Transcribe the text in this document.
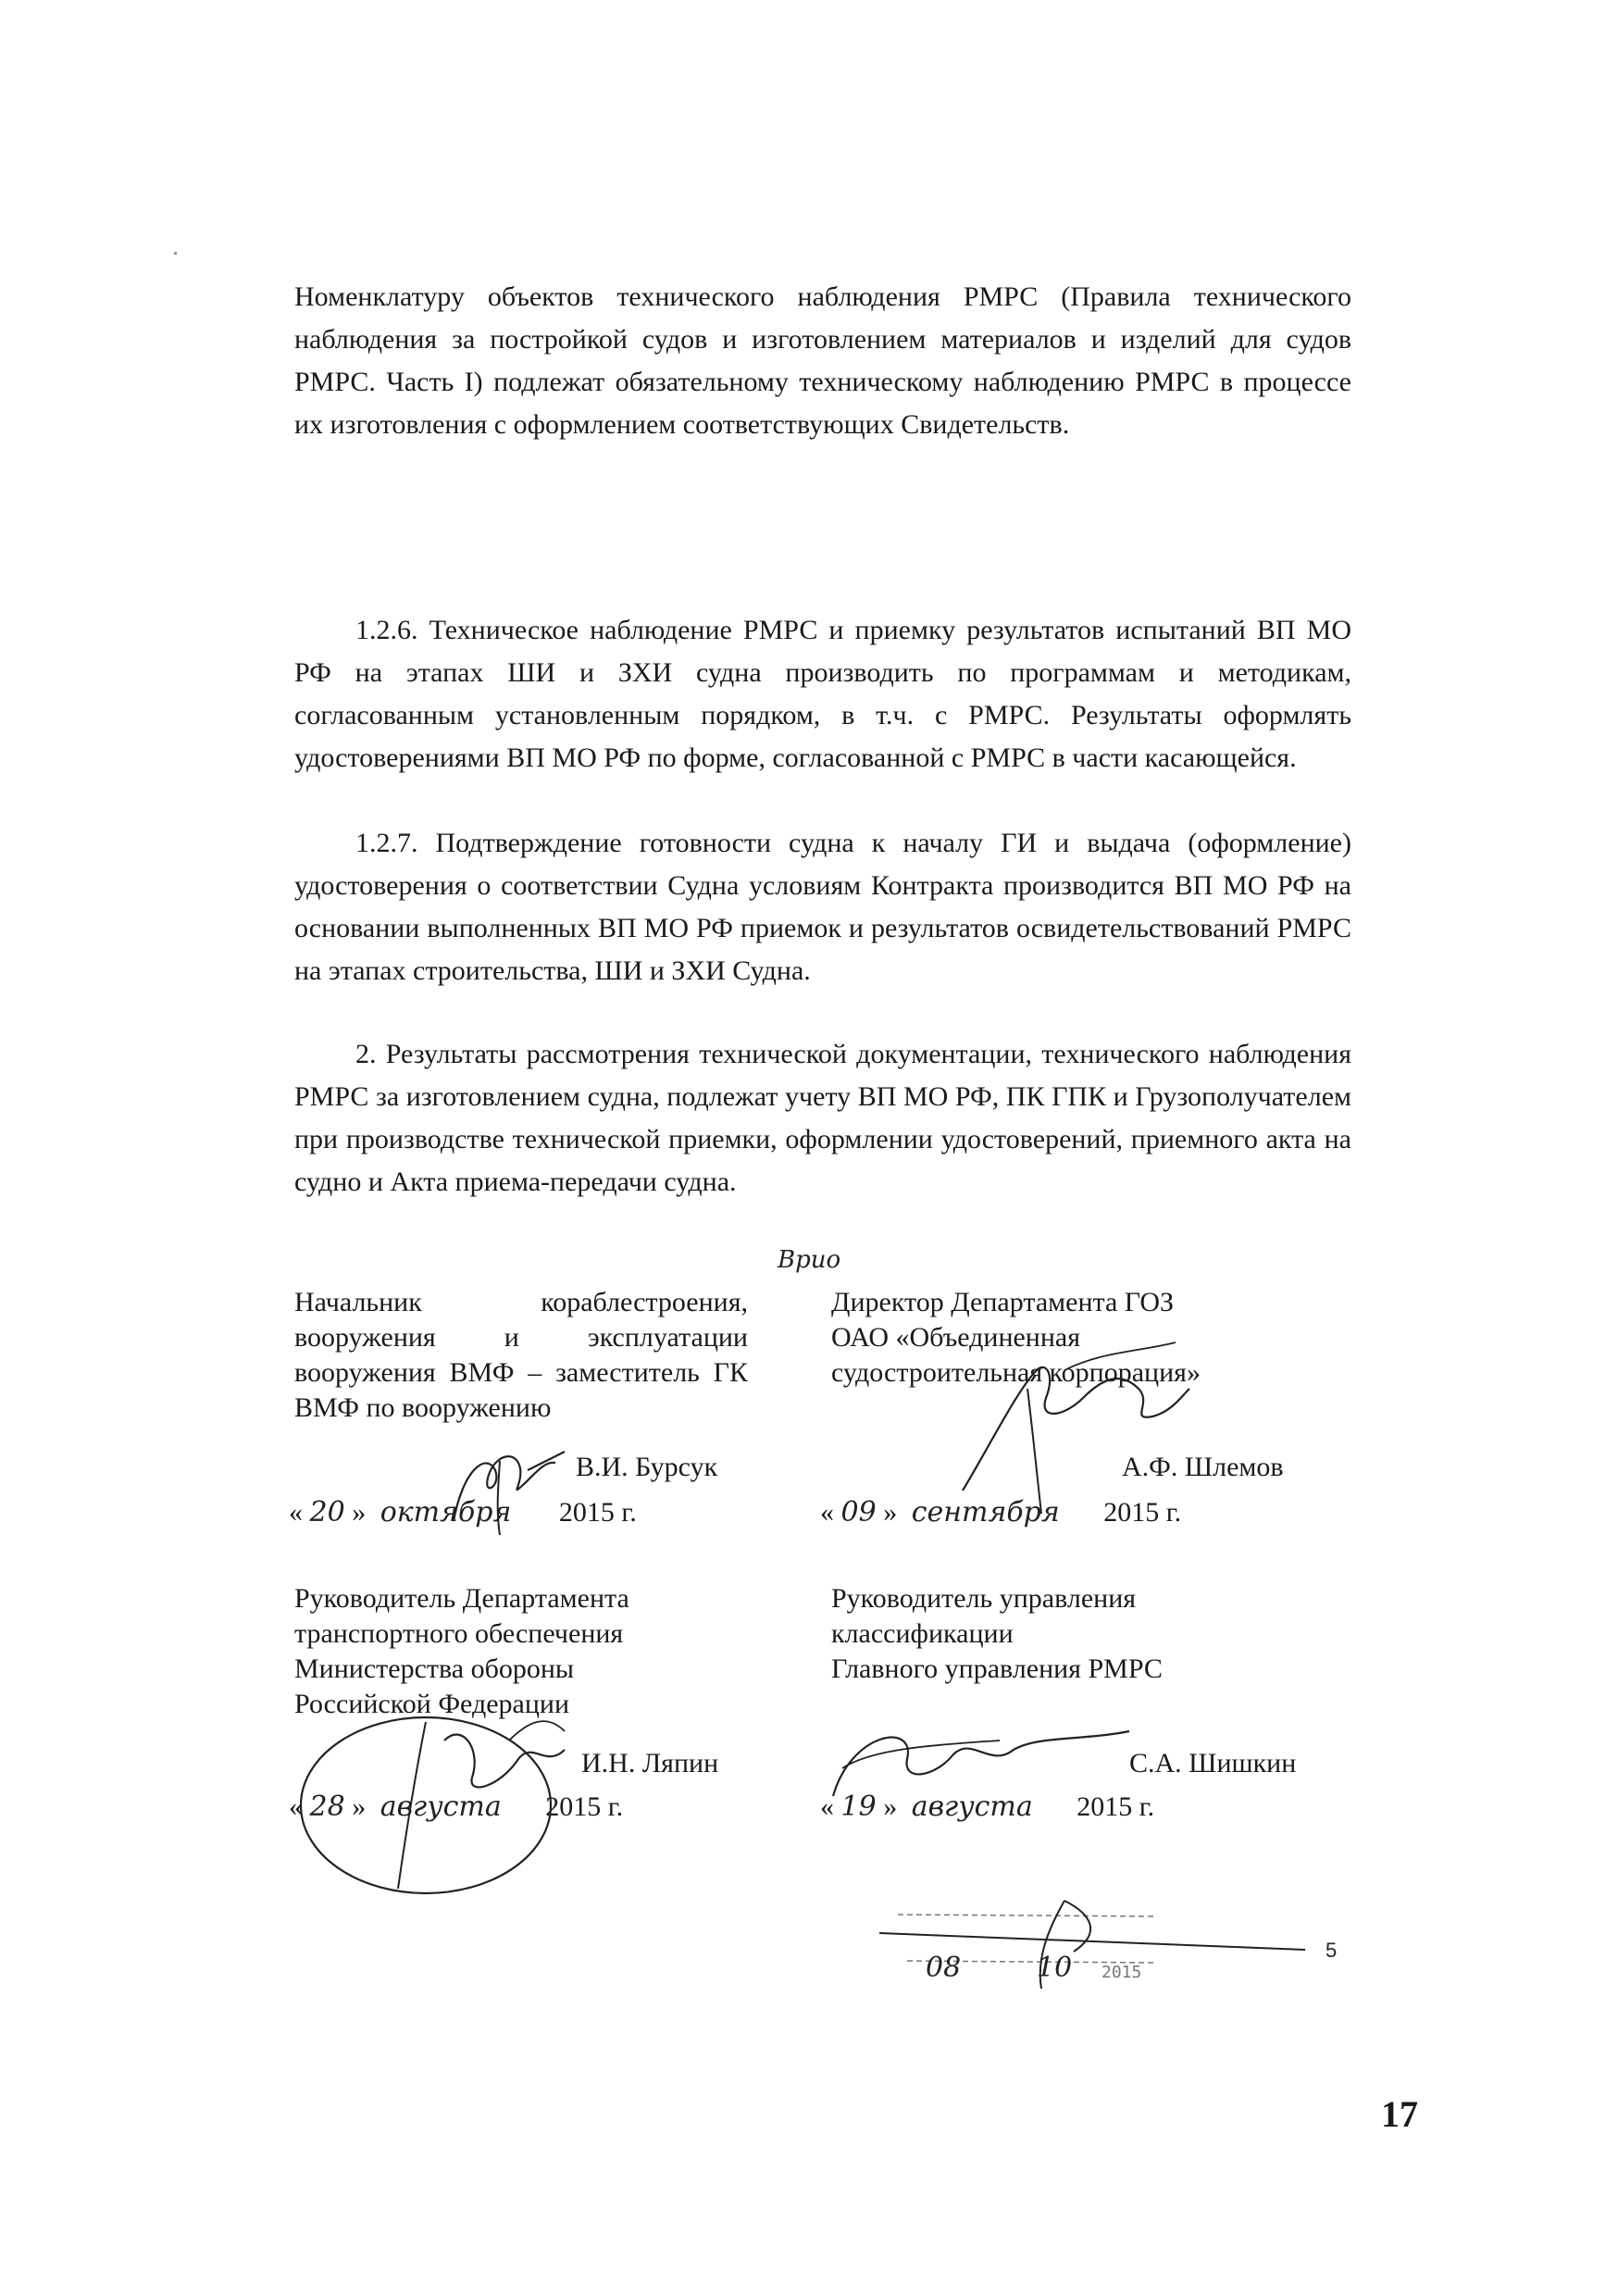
Номенклатуру объектов технического наблюдения РМРС (Правила технического наблюдения за постройкой судов и изготовлением материалов и изделий для судов РМРС. Часть I) подлежат обязательному техническому наблюдению РМРС в процессе их изготовления с оформлением соответствующих Свидетельств.
1.2.6. Техническое наблюдение РМРС и приемку результатов испытаний ВП МО РФ на этапах ШИ и ЗХИ судна производить по программам и методикам, согласованным установленным порядком, в т.ч. с РМРС. Результаты оформлять удостоверениями ВП МО РФ по форме, согласованной с РМРС в части касающейся.
1.2.7. Подтверждение готовности судна к началу ГИ и выдача (оформление) удостоверения о соответствии Судна условиям Контракта производится ВП МО РФ на основании выполненных ВП МО РФ приемок и результатов освидетельствований РМРС на этапах строительства, ШИ и ЗХИ Судна.
2. Результаты рассмотрения технической документации, технического наблюдения РМРС за изготовлением судна, подлежат учету ВП МО РФ, ПК ГПК и Грузополучателем при производстве технической приемки, оформлении удостоверений, приемного акта на судно и Акта приема-передачи судна.
Начальник кораблестроения, вооружения и эксплуатации вооружения ВМФ – заместитель ГК ВМФ по вооружению
В.И. Бурсук
« 20 » октября 2015 г.
Директор Департамента ГОЗ
ОАО «Объединенная
судостроительная корпорация»
Врио
А.Ф. Шлемов
« 09 » сентября 2015 г.
Руководитель Департамента
транспортного обеспечения
Министерства обороны
Российской Федерации
И.Н. Ляпин
« 28 » августа 2015 г.
Руководитель управления
классификации
Главного управления РМРС
С.А. Шишкин
« 19 » августа 2015 г.
08	10 2015
5
17
